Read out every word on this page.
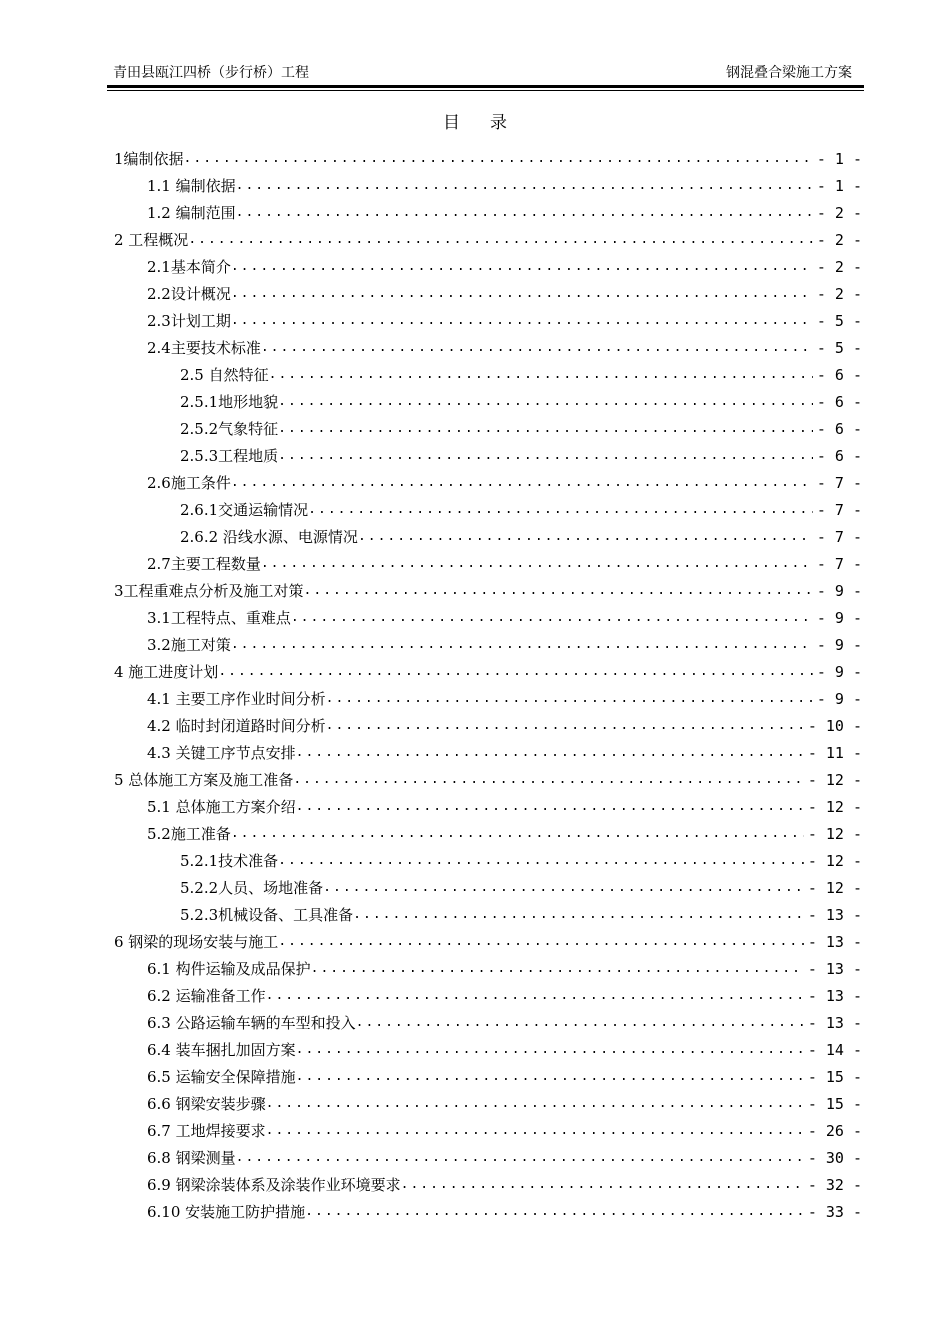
青田县瓯江四桥（步行桥）工程	钢混叠合梁施工方案
目录
1编制依据 .....	- 1 -
1.1 编制依据 .....	- 1 -
1.2 编制范围 .....	- 2 -
2 工程概况 .....	- 2 -
2.1基本简介 .....	- 2 -
2.2设计概况 .....	- 2 -
2.3计划工期 .....	- 5 -
2.4主要技术标准 .....	- 5 -
2.5 自然特征 .....	- 6 -
2.5.1地形地貌 .....	- 6 -
2.5.2气象特征 .....	- 6 -
2.5.3工程地质 .....	- 6 -
2.6施工条件 .....	- 7 -
2.6.1交通运输情况 .....	- 7 -
2.6.2 沿线水源、电源情况 .....	- 7 -
2.7主要工程数量 .....	- 7 -
3工程重难点分析及施工对策 .....	- 9 -
3.1工程特点、重难点 .....	- 9 -
3.2施工对策 .....	- 9 -
4 施工进度计划 .....	- 9 -
4.1 主要工序作业时间分析 .....	- 9 -
4.2 临时封闭道路时间分析 .....	- 10 -
4.3 关键工序节点安排 .....	- 11 -
5 总体施工方案及施工准备 .....	- 12 -
5.1 总体施工方案介绍 .....	- 12 -
5.2施工准备 .....	- 12 -
5.2.1技术准备 .....	- 12 -
5.2.2人员、场地准备 .....	- 12 -
5.2.3机械设备、工具准备 .....	- 13 -
6 钢梁的现场安装与施工 .....	- 13 -
6.1 构件运输及成品保护 .....	- 13 -
6.2 运输准备工作 .....	- 13 -
6.3 公路运输车辆的车型和投入 .....	- 13 -
6.4 装车捆扎加固方案 .....	- 14 -
6.5 运输安全保障措施 .....	- 15 -
6.6 钢梁安装步骤 .....	- 15 -
6.7 工地焊接要求 .....	- 26 -
6.8 钢梁测量 .....	- 30 -
6.9 钢梁涂装体系及涂装作业环境要求 .....	- 32 -
6.10 安装施工防护措施 .....	- 33 -
